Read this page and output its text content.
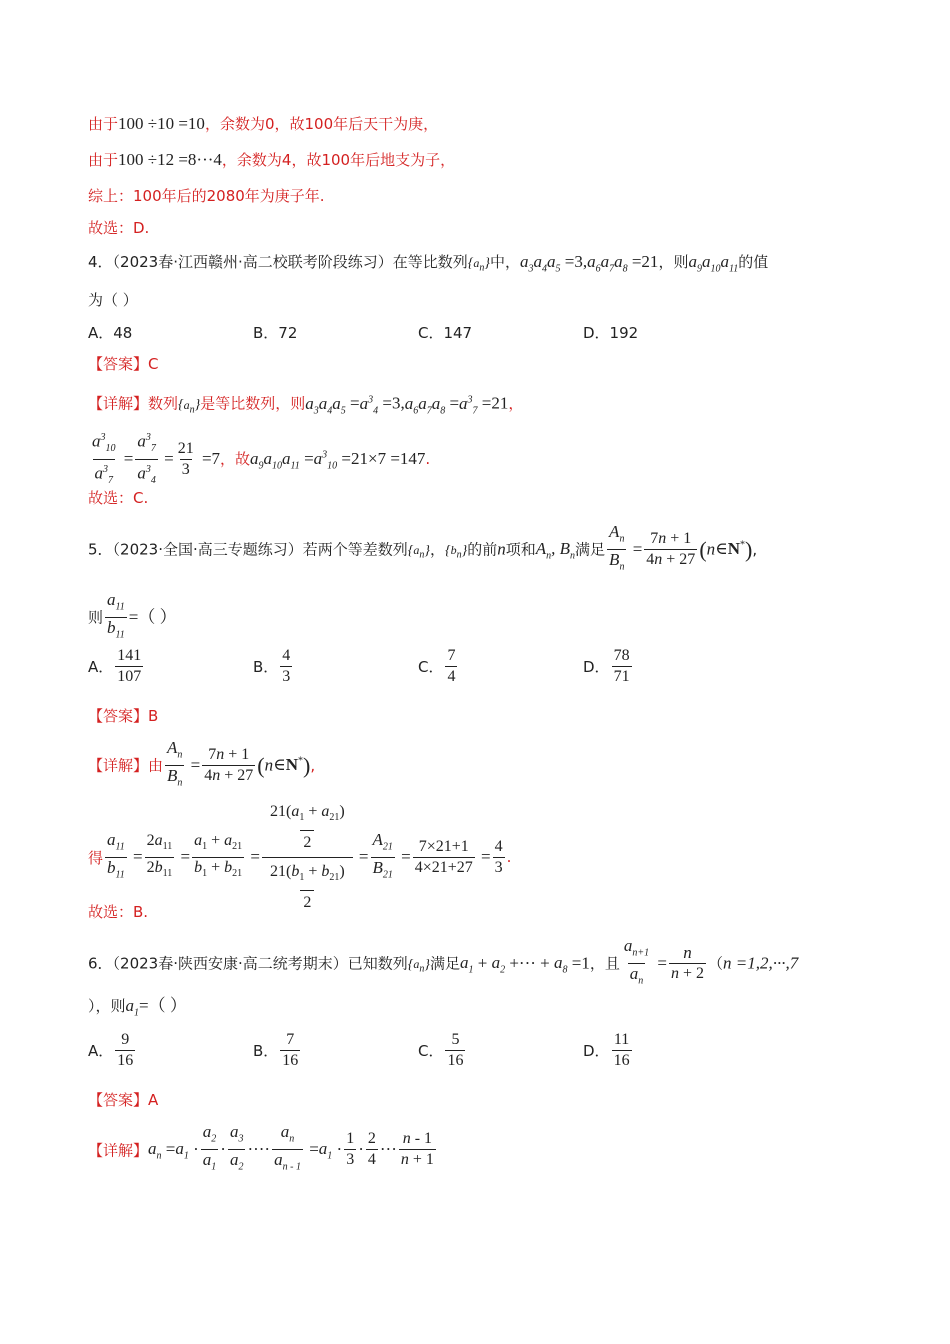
由于100 ÷10 =10，余数为0，故100年后天干为庚，
由于100 ÷12 =8···4，余数为4，故100年后地支为子，
综上：100年后的2080年为庚子年.
故选：D.
4．（2023春·江西赣州·高二校联考阶段练习）在等比数列$\{a_n\}$中，$a_3a_4a_5 =3,a_6a_7a_8 =21$，则$a_9a_{10}a_{11}$的值
为（ ）
A．48	B．72	C．147	D．192
【答案】C
【详解】数列$\{a_n\}$是等比数列，则$a_3a_4a_5 =a^3_4 =3,a_6a_7a_8 =a^3_7 =21$，
$\frac{a^3_{10}}{a^3_7} = \frac{a^3_7}{a^3_4} = \frac{21}{3} =7$，故$a_9a_{10}a_{11} =a^3_{10} =21\times 7 =147$.
故选：C.
5．（2023·全国·高三专题练习）若两个等差数列$\{a_n\}$，$\{b_n\}$的前n项和$A_n$, $B_n$满足 $\frac{A_n}{B_n} = \frac{7n + 1}{4n + 27}$ (n∈N*),
则 $\frac{a_{11}}{b_{11}}$ =（ ）
A． $\frac{141}{107}$	B． $\frac{4}{3}$	C． $\frac{7}{4}$	D． $\frac{78}{71}$
【答案】B
【详解】由 $\frac{A_n}{B_n} = \frac{7n + 1}{4n + 27}$ (n∈N*),
得 $\frac{a_{11}}{b_{11}} = \frac{2a_{11}}{2b_{11}} = \frac{a_1 + a_{21}}{b_1 + b_{21}} = \frac{\frac{21(a_1 + a_{21})}{2}}{\frac{21(b_1 + b_{21})}{2}} = \frac{A_{21}}{B_{21}} = \frac{7\times 21+1}{4\times 21+27} = \frac{4}{3}$ .
故选：B.
6．（2023春·陕西安康·高二统考期末）已知数列$\{a_n\}$满足$a_1 + a_2$ +··· + $a_8 =1$，且 $\frac{a_{n+1}}{a_n} = \frac{n}{n + 2} (n =1,2,\cdot\cdot\cdot,7$
），则$a_1=$（ ）
A． $\frac{9}{16}$	B． $\frac{7}{16}$	C． $\frac{5}{16}$	D． $\frac{11}{16}$
【答案】A
【详解】$a_n =a_1 \cdot \frac{a_2}{a_1} \cdot \frac{a_3}{a_2}$ ···· $\frac{a_n}{a_{n - 1}} =a_1 \cdot \frac{1}{3} \cdot \frac{2}{4}$ ··· $\frac{n - 1}{n + 1}$
